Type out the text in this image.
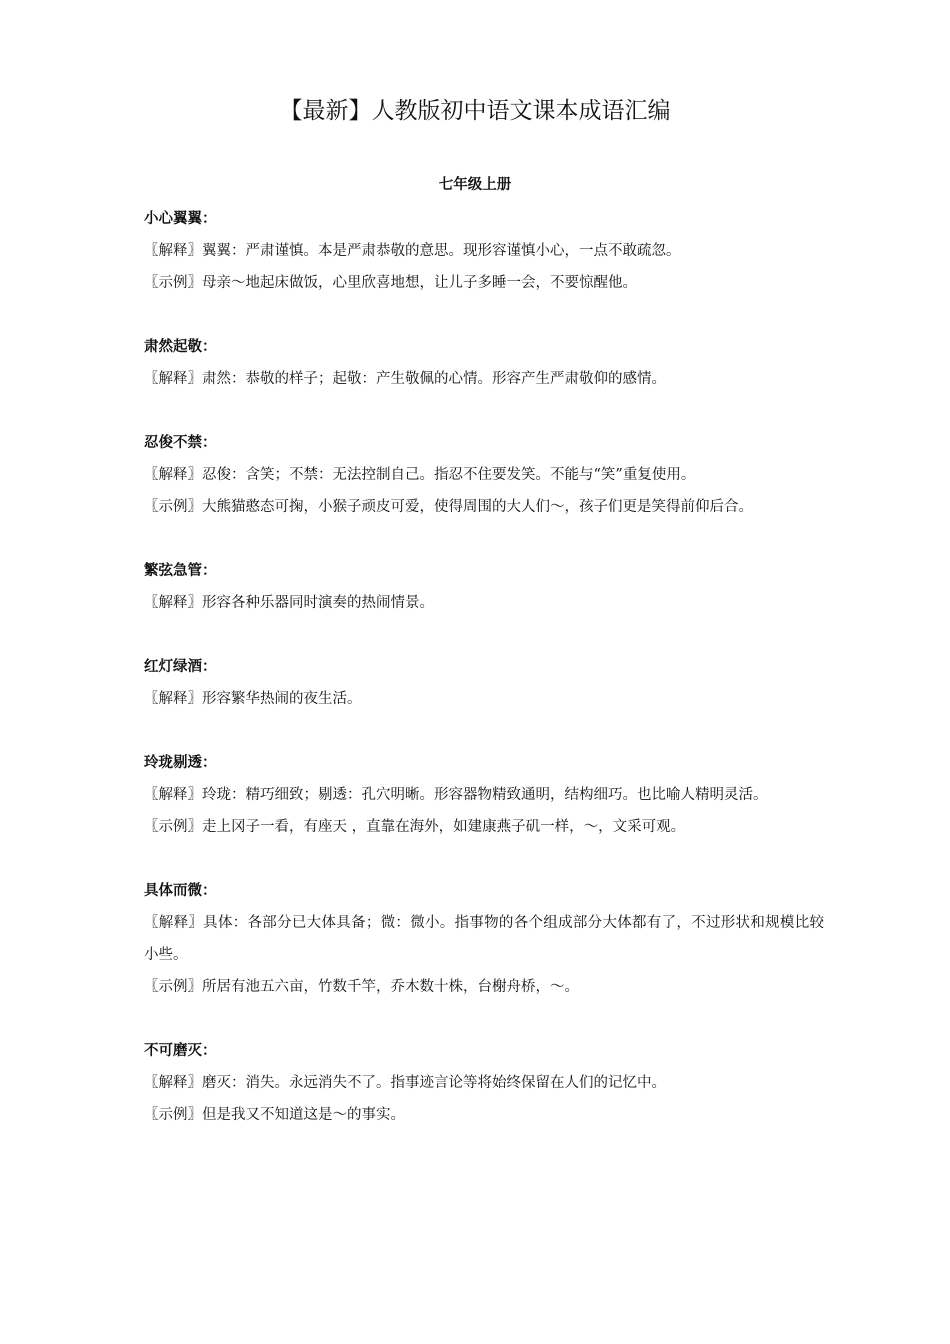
【最新】人教版初中语文课本成语汇编
七年级上册

小心翼翼：

〖解释〗翼翼：严肃谨慎。本是严肃恭敬的意思。现形容谨慎小心，一点不敢疏忽。

〖示例〗母亲～地起床做饭，心里欣喜地想，让儿子多睡一会，不要惊醒他。

肃然起敬：

〖解释〗肃然：恭敬的样子；起敬：产生敬佩的心情。形容产生严肃敬仰的感情。

忍俊不禁：

〖解释〗忍俊：含笑；不禁：无法控制自己。指忍不住要发笑。不能与“笑”重复使用。

〖示例〗大熊猫憨态可掬，小猴子顽皮可爱，使得周围的大人们～，孩子们更是笑得前仰后合。

繁弦急管：

〖解释〗形容各种乐器同时演奏的热闹情景。

红灯绿酒：

〖解释〗形容繁华热闹的夜生活。

玲珑剔透：

〖解释〗玲珑：精巧细致；剔透：孔穴明晰。形容器物精致通明，结构细巧。也比喻人精明灵活。

〖示例〗走上冈子一看，有座天 ，直靠在海外，如建康燕子矶一样，～，文采可观。

具体而微：

〖解释〗具体：各部分已大体具备；微：微小。指事物的各个组成部分大体都有了，不过形状和规模比较小些。

〖示例〗所居有池五六亩，竹数千竿，乔木数十株，台榭舟桥，～。

不可磨灭：

〖解释〗磨灭：消失。永远消失不了。指事迹言论等将始终保留在人们的记忆中。

〖示例〗但是我又不知道这是～的事实。
